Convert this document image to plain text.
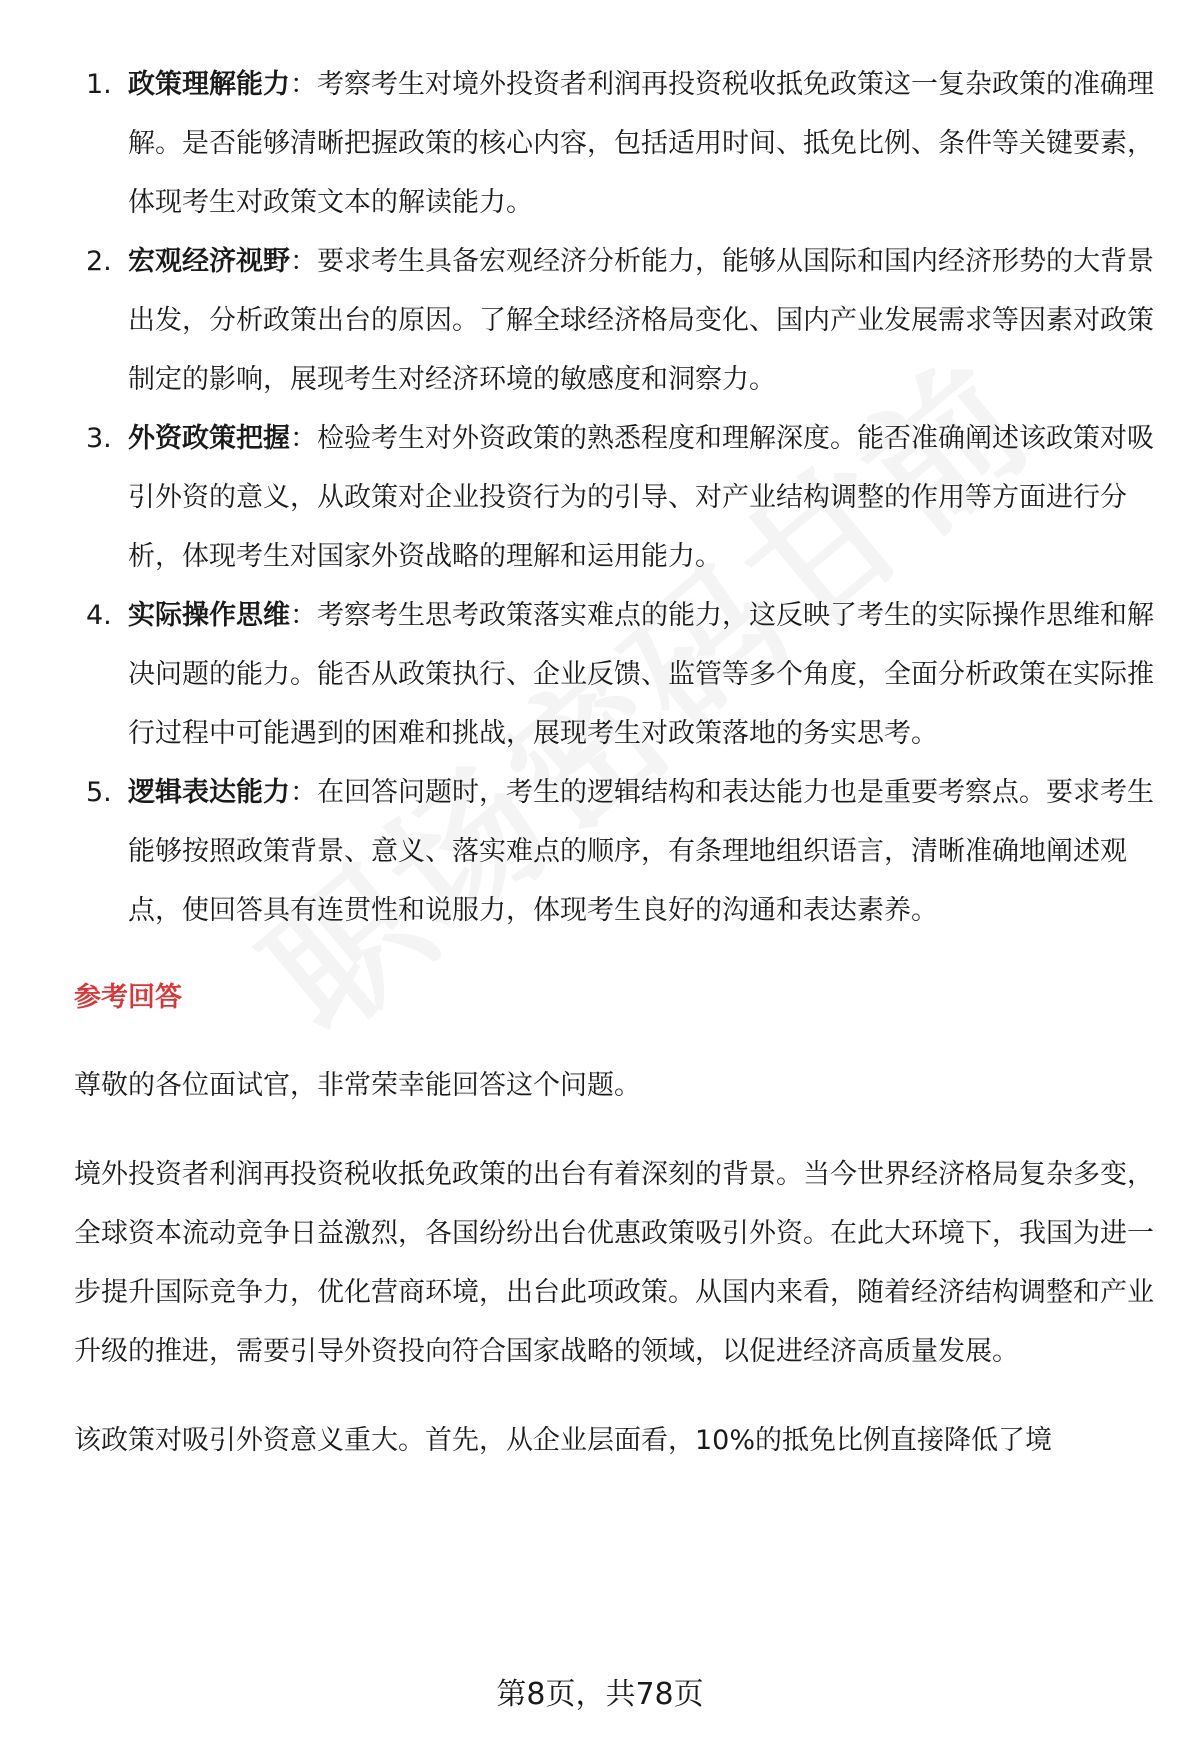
1. 政策理解能力：考察考生对境外投资者利润再投资税收抵免政策这一复杂政策的准确理解。是否能够清晰把握政策的核心内容，包括适用时间、抵免比例、条件等关键要素，体现考生对政策文本的解读能力。
2. 宏观经济视野：要求考生具备宏观经济分析能力，能够从国际和国内经济形势的大背景出发，分析政策出台的原因。了解全球经济格局变化、国内产业发展需求等因素对政策制定的影响，展现考生对经济环境的敏感度和洞察力。
3. 外资政策把握：检验考生对外资政策的熟悉程度和理解深度。能否准确阐述该政策对吸引外资的意义，从政策对企业投资行为的引导、对产业结构调整的作用等方面进行分析，体现考生对国家外资战略的理解和运用能力。
4. 实际操作思维：考察考生思考政策落实难点的能力，这反映了考生的实际操作思维和解决问题的能力。能否从政策执行、企业反馈、监管等多个角度，全面分析政策在实际推行过程中可能遇到的困难和挑战，展现考生对政策落地的务实思考。
5. 逻辑表达能力：在回答问题时，考生的逻辑结构和表达能力也是重要考察点。要求考生能够按照政策背景、意义、落实难点的顺序，有条理地组织语言，清晰准确地阐述观点，使回答具有连贯性和说服力，体现考生良好的沟通和表达素养。
参考回答

尊敬的各位面试官，非常荣幸能回答这个问题。

境外投资者利润再投资税收抵免政策的出台有着深刻的背景。当今世界经济格局复杂多变，全球资本流动竞争日益激烈，各国纷纷出台优惠政策吸引外资。在此大环境下，我国为进一步提升国际竞争力，优化营商环境，出台此项政策。从国内来看，随着经济结构调整和产业升级的推进，需要引导外资投向符合国家战略的领域，以促进经济高质量发展。

该政策对吸引外资意义重大。首先，从企业层面看，10%的抵免比例直接降低了境

第8页，共78页
